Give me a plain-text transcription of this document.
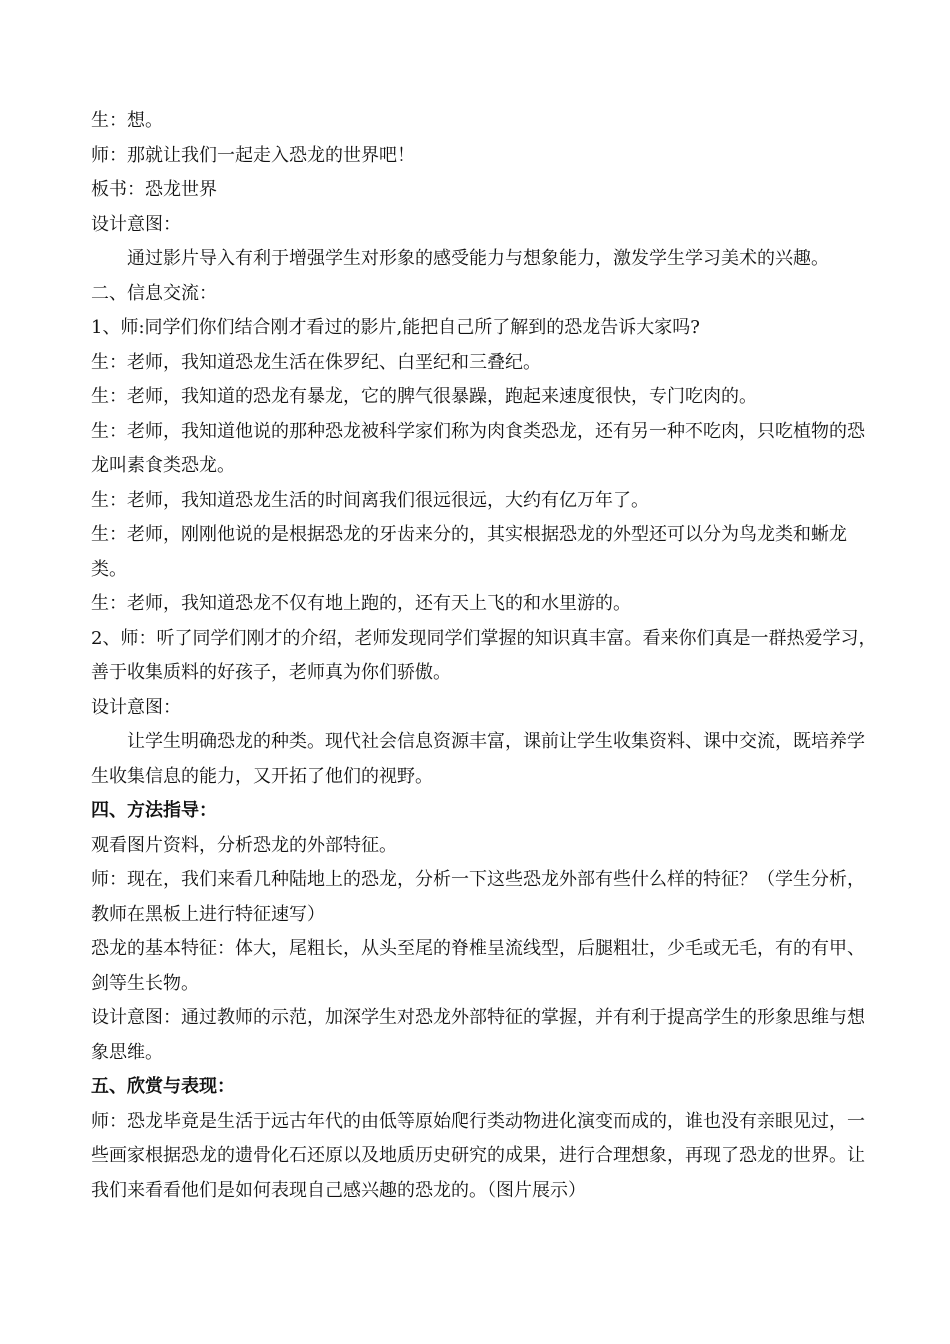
生：想。

师：那就让我们一起走入恐龙的世界吧！

板书：恐龙世界

设计意图：

通过影片导入有利于增强学生对形象的感受能力与想象能力，激发学生学习美术的兴趣。

二、信息交流：

1、师:同学们你们结合刚才看过的影片,能把自己所了解到的恐龙告诉大家吗?

生：老师，我知道恐龙生活在侏罗纪、白垩纪和三叠纪。

生：老师，我知道的恐龙有暴龙，它的脾气很暴躁，跑起来速度很快，专门吃肉的。

生：老师，我知道他说的那种恐龙被科学家们称为肉食类恐龙，还有另一种不吃肉，只吃植物的恐龙叫素食类恐龙。

生：老师，我知道恐龙生活的时间离我们很远很远，大约有亿万年了。

生：老师，刚刚他说的是根据恐龙的牙齿来分的，其实根据恐龙的外型还可以分为鸟龙类和蜥龙类。

生：老师，我知道恐龙不仅有地上跑的，还有天上飞的和水里游的。

2、师：听了同学们刚才的介绍，老师发现同学们掌握的知识真丰富。看来你们真是一群热爱学习，善于收集质料的好孩子，老师真为你们骄傲。

设计意图：

让学生明确恐龙的种类。现代社会信息资源丰富，课前让学生收集资料、课中交流，既培养学生收集信息的能力，又开拓了他们的视野。

四、方法指导：

观看图片资料，分析恐龙的外部特征。

师：现在，我们来看几种陆地上的恐龙，分析一下这些恐龙外部有些什么样的特征？（学生分析，教师在黑板上进行特征速写）

恐龙的基本特征：体大，尾粗长，从头至尾的脊椎呈流线型，后腿粗壮，少毛或无毛，有的有甲、剑等生长物。

设计意图：通过教师的示范，加深学生对恐龙外部特征的掌握，并有利于提高学生的形象思维与想象思维。

五、欣赏与表现：

师：恐龙毕竟是生活于远古年代的由低等原始爬行类动物进化演变而成的，谁也没有亲眼见过，一些画家根据恐龙的遗骨化石还原以及地质历史研究的成果，进行合理想象，再现了恐龙的世界。让我们来看看他们是如何表现自己感兴趣的恐龙的。（图片展示）
